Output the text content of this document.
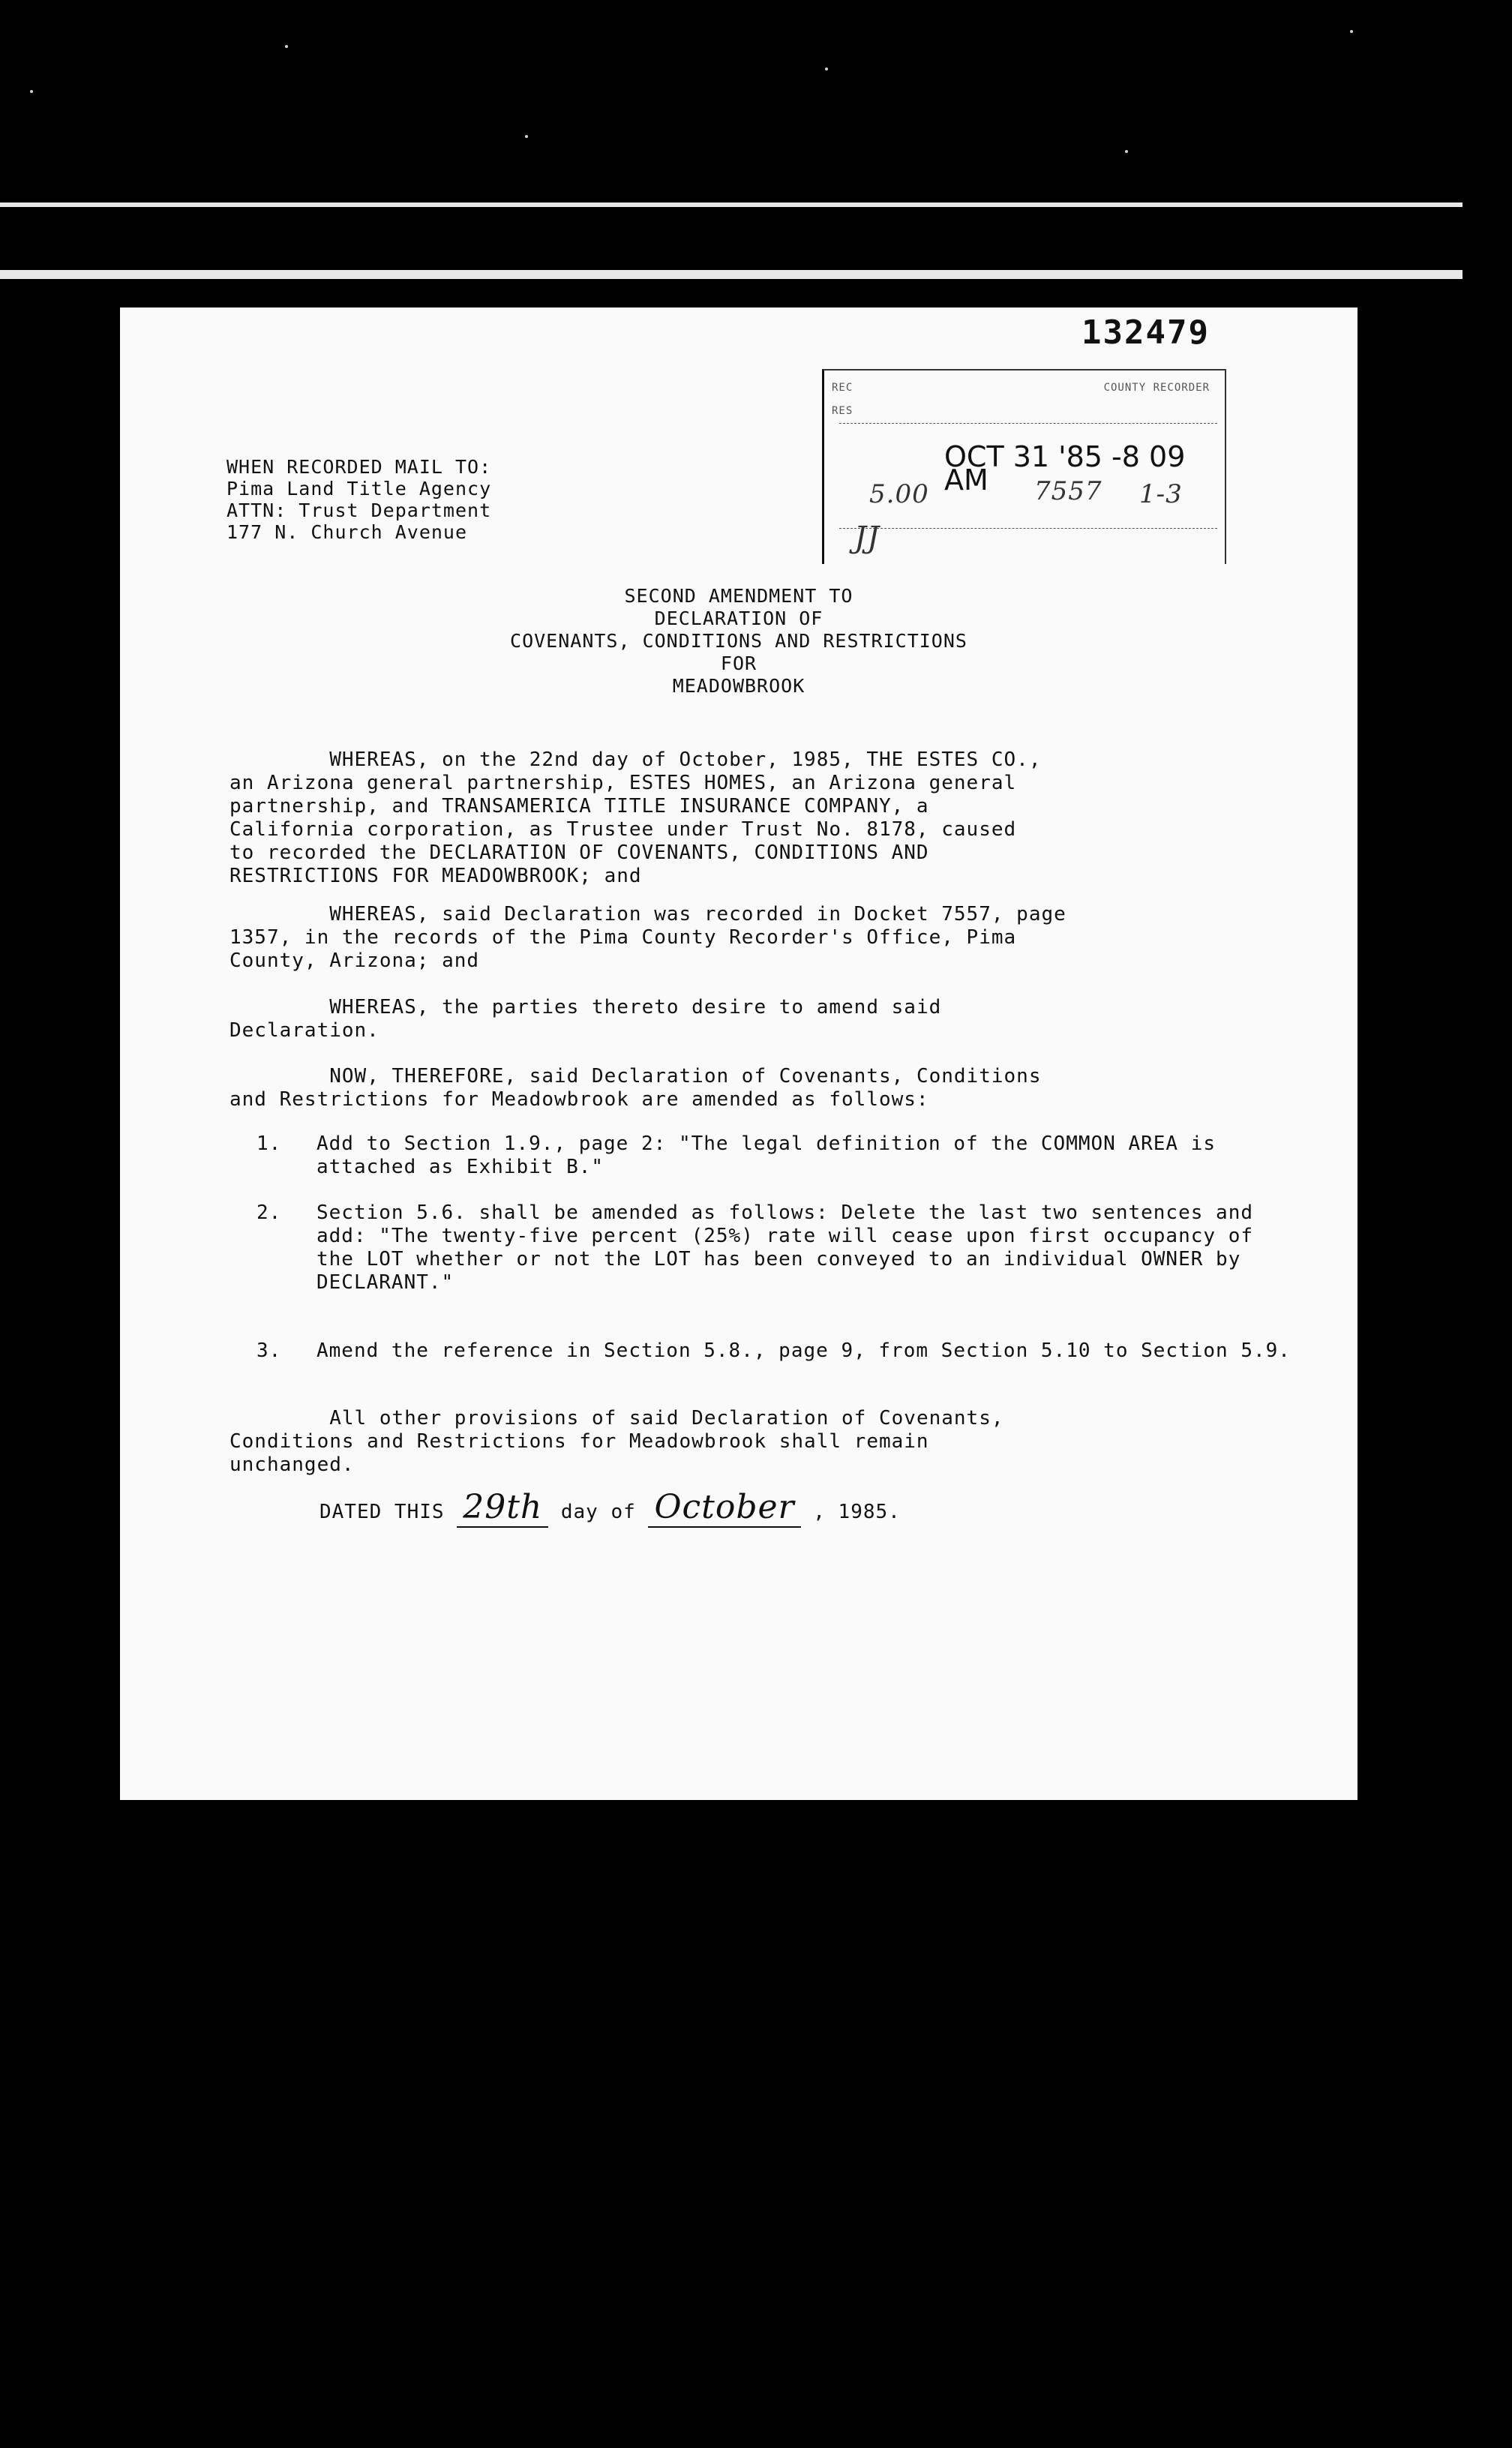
132479
REC
RES
COUNTY RECORDER
OCT 31 '85 -8 09 AM
5.00	7557 1-3
JJ
WHEN RECORDED MAIL TO:
Pima Land Title Agency
ATTN: Trust Department
177 N. Church Avenue
SECOND AMENDMENT TO
DECLARATION OF
COVENANTS, CONDITIONS AND RESTRICTIONS
FOR
MEADOWBROOK
WHEREAS, on the 22nd day of October, 1985, THE ESTES CO.,
an Arizona general partnership, ESTES HOMES, an Arizona general
partnership, and TRANSAMERICA TITLE INSURANCE COMPANY, a
California corporation, as Trustee under Trust No. 8178, caused
to recorded the DECLARATION OF COVENANTS, CONDITIONS AND
RESTRICTIONS FOR MEADOWBROOK; and
WHEREAS, said Declaration was recorded in Docket 7557, page
1357, in the records of the Pima County Recorder's Office, Pima
County, Arizona; and
WHEREAS, the parties thereto desire to amend said
Declaration.
NOW, THEREFORE, said Declaration of Covenants, Conditions
and Restrictions for Meadowbrook are amended as follows:
1. Add to Section 1.9., page 2: "The legal definition of the COMMON AREA is attached as Exhibit B."
2. Section 5.6. shall be amended as follows: Delete the last two sentences and add: "The twenty-five percent (25%) rate will cease upon first occupancy of the LOT whether or not the LOT has been conveyed to an individual OWNER by DECLARANT."
3. Amend the reference in Section 5.8., page 9, from Section 5.10 to Section 5.9.
All other provisions of said Declaration of Covenants,
Conditions and Restrictions for Meadowbrook shall remain
unchanged.
DATED THIS 29th day of October , 1985.
7557
1
